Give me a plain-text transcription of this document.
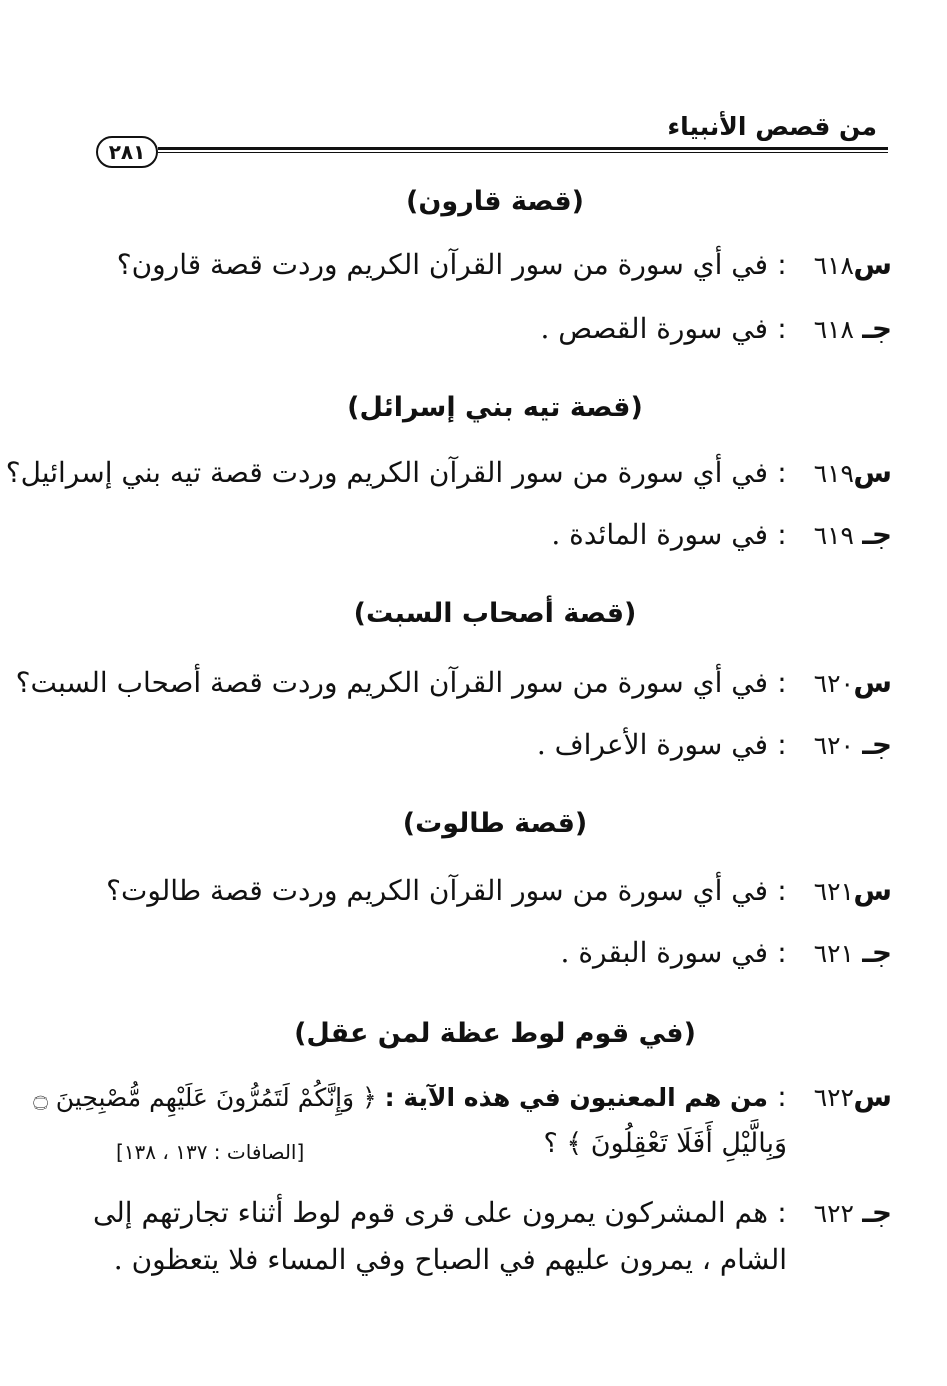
من قصص الأنبياء
٢٨١
(قصة قارون)
س
٦١٨
:
في أي سورة من سور القرآن الكريم وردت قصة قارون؟
جـ
٦١٨
:
في سورة القصص .
(قصة تيه بني إسرائل)
س
٦١٩
:
في أي سورة من سور القرآن الكريم وردت قصة تيه بني إسرائيل؟
جـ
٦١٩
:
في سورة المائدة .
(قصة أصحاب السبت)
س
٦٢٠
:
في أي سورة من سور القرآن الكريم وردت قصة أصحاب السبت؟
جـ
٦٢٠
:
في سورة الأعراف .
(قصة طالوت)
س
٦٢١
:
في أي سورة من سور القرآن الكريم وردت قصة طالوت؟
جـ
٦٢١
:
في سورة البقرة .
(في قوم لوط عظة لمن عقل)
س
٦٢٢
:
من هم المعنيون في هذه الآية : ﴿ وَإِنَّكُمْ لَتَمُرُّونَ عَلَيْهِم مُّصْبِحِينَ ۝
وَبِالَّيْلِ أَفَلَا تَعْقِلُونَ ﴾ ؟
[الصافات : ١٣٧ ، ١٣٨]
جـ
٦٢٢
:
هم المشركون يمرون على قرى قوم لوط أثناء تجارتهم إلى
الشام ، يمرون عليهم في الصباح وفي المساء فلا يتعظون .
